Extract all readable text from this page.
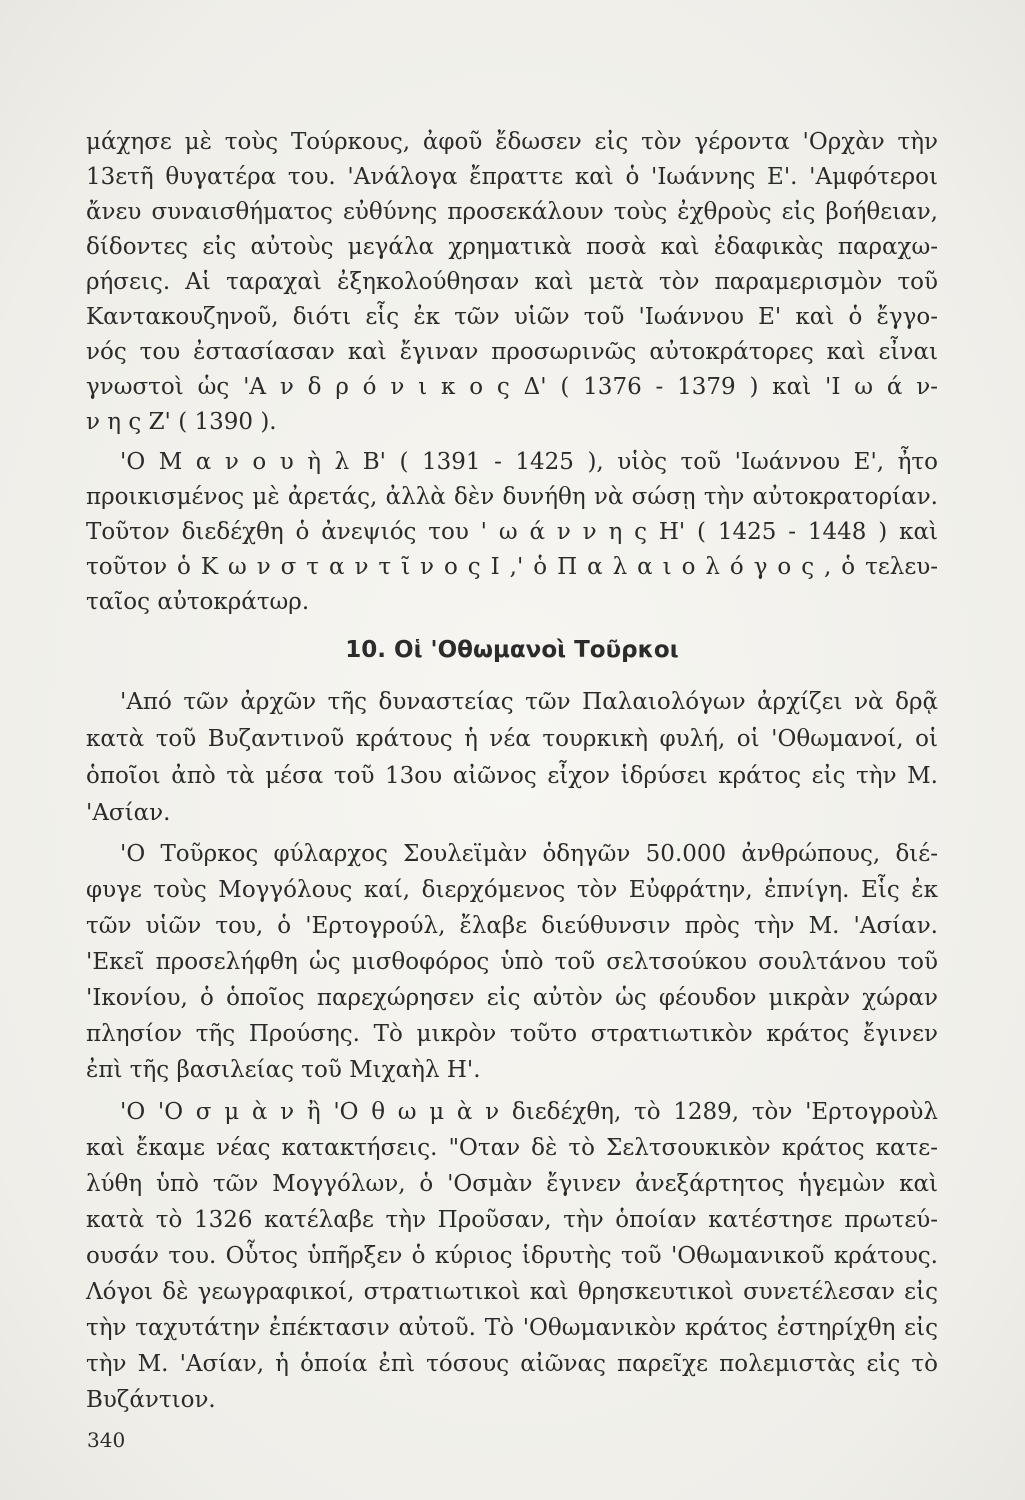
μάχησε μὲ τοὺς Τούρκους, ἀφοῦ ἔδωσεν εἰς τὸν γέροντα 'Ορχὰν τὴν
13ετῆ θυγατέρα του. 'Ανάλογα ἔπραττε καὶ ὁ 'Ιωάννης Ε'. 'Αμφότεροι
ἄνευ συναισθήματος εὐθύνης προσεκάλουν τοὺς ἐχθροὺς εἰς βοήθειαν,
δίδοντες εἰς αὐτοὺς μεγάλα χρηματικὰ ποσὰ καὶ ἐδαφικὰς παραχω-
ρήσεις. Αἱ ταραχαὶ ἐξηκολούθησαν καὶ μετὰ τὸν παραμερισμὸν τοῦ
Καντακουζηνοῦ, διότι εἷς ἐκ τῶν υἱῶν τοῦ 'Ιωάννου Ε' καὶ ὁ ἔγγο-
νός του ἐστασίασαν καὶ ἔγιναν προσωρινῶς αὐτοκράτορες καὶ εἶναι
γνωστοὶ ὡς 'Α ν δ ρ ό ν ι κ ο ς Δ' ( 1376 - 1379 ) καὶ 'Ι ω ά ν-
ν η ς Ζ' ( 1390 ).
'Ο Μ α ν ο υ ὴ λ Β' ( 1391 - 1425 ), υἱὸς τοῦ 'Ιωάννου Ε', ἦτο
προικισμένος μὲ ἀρετάς, ἀλλὰ δὲν δυνήθη νὰ σώσῃ τὴν αὐτοκρατορίαν.
Τοῦτον διεδέχθη ὁ ἀνεψιός του ' ω ά ν ν η ς Η' ( 1425 - 1448 ) καὶ
τοῦτον ὁ Κ ω ν σ τ α ν τ ῖ ν ο ς Ι ,' ὁ Π α λ α ι ο λ ό γ ο ς , ὁ τελευ-
ταῖος αὐτοκράτωρ.
10. Οἱ 'Οθωμανοὶ Τοῦρκοι
'Από τῶν ἀρχῶν τῆς δυναστείας τῶν Παλαιολόγων ἀρχίζει νὰ δρᾷ
κατὰ τοῦ Βυζαντινοῦ κράτους ἡ νέα τουρκικὴ φυλή, οἱ 'Οθωμανοί, οἱ
ὁποῖοι ἀπὸ τὰ μέσα τοῦ 13ου αἰῶνος εἶχον ἱδρύσει κράτος εἰς τὴν Μ.
'Ασίαν.
'Ο Τοῦρκος φύλαρχος Σουλεϊμὰν ὁδηγῶν 50.000 ἀνθρώπους, διέ-
φυγε τοὺς Μογγόλους καί, διερχόμενος τὸν Εὐφράτην, ἐπνίγη. Εἷς ἐκ
τῶν υἱῶν του, ὁ 'Ερτογρούλ, ἔλαβε διεύθυνσιν πρὸς τὴν Μ. 'Ασίαν.
'Εκεῖ προσελήφθη ὡς μισθοφόρος ὑπὸ τοῦ σελτσούκου σουλτάνου τοῦ
'Ικονίου, ὁ ὁποῖος παρεχώρησεν εἰς αὐτὸν ὡς φέουδον μικρὰν χώραν
πλησίον τῆς Προύσης. Τὸ μικρὸν τοῦτο στρατιωτικὸν κράτος ἔγινεν
ἐπὶ τῆς βασιλείας τοῦ Μιχαὴλ Η'.
'Ο 'Ο σ μ ὰ ν ἢ 'Ο θ ω μ ὰ ν διεδέχθη, τὸ 1289, τὸν 'Ερτογροὺλ
καὶ ἔκαμε νέας κατακτήσεις. "Οταν δὲ τὸ Σελτσουκικὸν κράτος κατε-
λύθη ὑπὸ τῶν Μογγόλων, ὁ 'Οσμὰν ἔγινεν ἀνεξάρτητος ἡγεμὼν καὶ
κατὰ τὸ 1326 κατέλαβε τὴν Προῦσαν, τὴν ὁποίαν κατέστησε πρωτεύ-
ουσάν του. Οὗτος ὑπῆρξεν ὁ κύριος ἱδρυτὴς τοῦ 'Οθωμανικοῦ κράτους.
Λόγοι δὲ γεωγραφικοί, στρατιωτικοὶ καὶ θρησκευτικοὶ συνετέλεσαν εἰς
τὴν ταχυτάτην ἐπέκτασιν αὐτοῦ. Τὸ 'Οθωμανικὸν κράτος ἐστηρίχθη εἰς
τὴν Μ. 'Ασίαν, ἡ ὁποία ἐπὶ τόσους αἰῶνας παρεῖχε πολεμιστὰς εἰς τὸ
Βυζάντιον.
340
